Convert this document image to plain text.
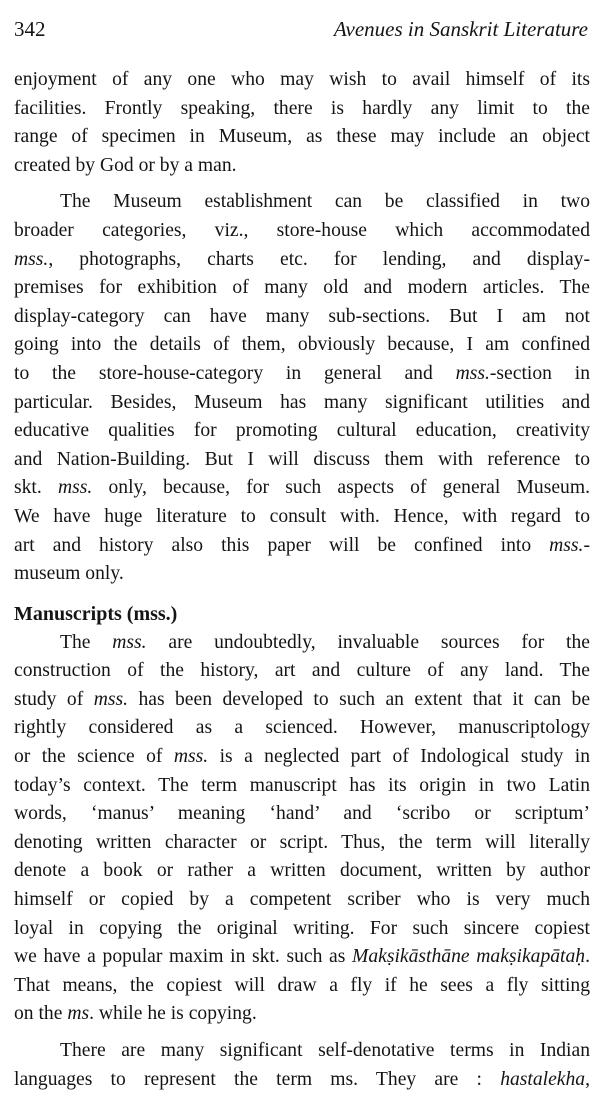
342	Avenues in Sanskrit Literature

enjoyment of any one who may wish to avail himself of its
facilities. Frontly speaking, there is hardly any limit to the
range of specimen in Museum, as these may include an object
created by God or by a man.

The Museum establishment can be classified in two
broader categories, viz., store-house which accommodated
mss., photographs, charts etc. for lending, and display-
premises for exhibition of many old and modern articles. The
display-category can have many sub-sections. But I am not
going into the details of them, obviously because, I am confined
to the store-house-category in general and mss.-section in
particular. Besides, Museum has many significant utilities and
educative qualities for promoting cultural education, creativity
and Nation-Building. But I will discuss them with reference to
skt. mss. only, because, for such aspects of general Museum.
We have huge literature to consult with. Hence, with regard to
art and history also this paper will be confined into mss.-
museum only.

Manuscripts (mss.)

The mss. are undoubtedly, invaluable sources for the
construction of the history, art and culture of any land. The
study of mss. has been developed to such an extent that it can be
rightly considered as a scienced. However, manuscriptology
or the science of mss. is a neglected part of Indological study in
today’s context. The term manuscript has its origin in two Latin
words, ‘manus’ meaning ‘hand’ and ‘scribo or scriptum’
denoting written character or script. Thus, the term will literally
denote a book or rather a written document, written by author
himself or copied by a competent scriber who is very much
loyal in copying the original writing. For such sincere copiest
we have a popular maxim in skt. such as Makṣikāsthāne makṣikapātaḥ.
That means, the copiest will draw a fly if he sees a fly sitting
on the ms. while he is copying.

There are many significant self-denotative terms in Indian
languages to represent the term ms. They are : hastalekha,
